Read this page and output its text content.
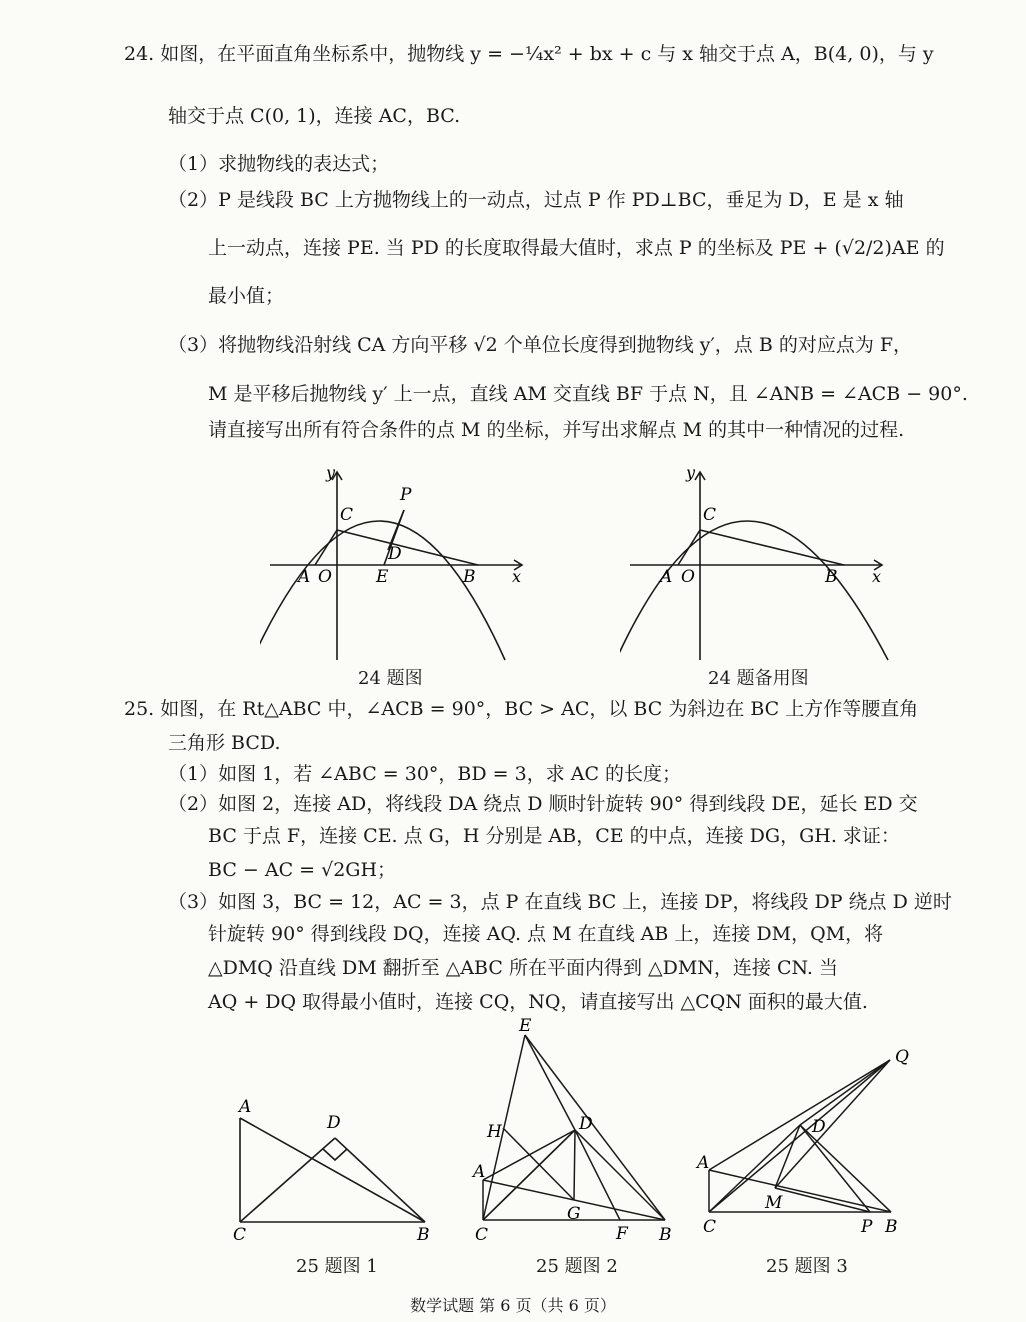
24. 如图，在平面直角坐标系中，抛物线 y = −¼x² + bx + c 与 x 轴交于点 A，B(4, 0)，与 y
轴交于点 C(0, 1)，连接 AC，BC.
（1）求抛物线的表达式；
（2）P 是线段 BC 上方抛物线上的一动点，过点 P 作 PD⊥BC，垂足为 D，E 是 x 轴
上一动点，连接 PE. 当 PD 的长度取得最大值时，求点 P 的坐标及 PE + (√2/2)AE 的
最小值；
（3）将抛物线沿射线 CA 方向平移 √2 个单位长度得到抛物线 y′，点 B 的对应点为 F，
M 是平移后抛物线 y′ 上一点，直线 AM 交直线 BF 于点 N，且 ∠ANB = ∠ACB − 90°.
请直接写出所有符合条件的点 M 的坐标，并写出求解点 M 的其中一种情况的过程.
y
x
C
P
D
A O	E	B
24 题图
y
x
C
A O	B
24 题备用图
25. 如图，在 Rt△ABC 中，∠ACB = 90°，BC > AC，以 BC 为斜边在 BC 上方作等腰直角
三角形 BCD.
（1）如图 1，若 ∠ABC = 30°，BD = 3，求 AC 的长度；
（2）如图 2，连接 AD，将线段 DA 绕点 D 顺时针旋转 90° 得到线段 DE，延长 ED 交
BC 于点 F，连接 CE. 点 G，H 分别是 AB，CE 的中点，连接 DG，GH. 求证：
BC − AC = √2GH；
（3）如图 3，BC = 12，AC = 3，点 P 在直线 BC 上，连接 DP，将线段 DP 绕点 D 逆时
针旋转 90° 得到线段 DQ，连接 AQ. 点 M 在直线 AB 上，连接 DM，QM，将
△DMQ 沿直线 DM 翻折至 △ABC 所在平面内得到 △DMN，连接 CN. 当
AQ + DQ 取得最小值时，连接 CQ，NQ，请直接写出 △CQN 面积的最大值.
A
D
C	B
25 题图 1
E
H	D
A
G
C	F B
25 题图 2
Q
D
A
M
C	P B
25 题图 3
数学试题 第 6 页（共 6 页）
